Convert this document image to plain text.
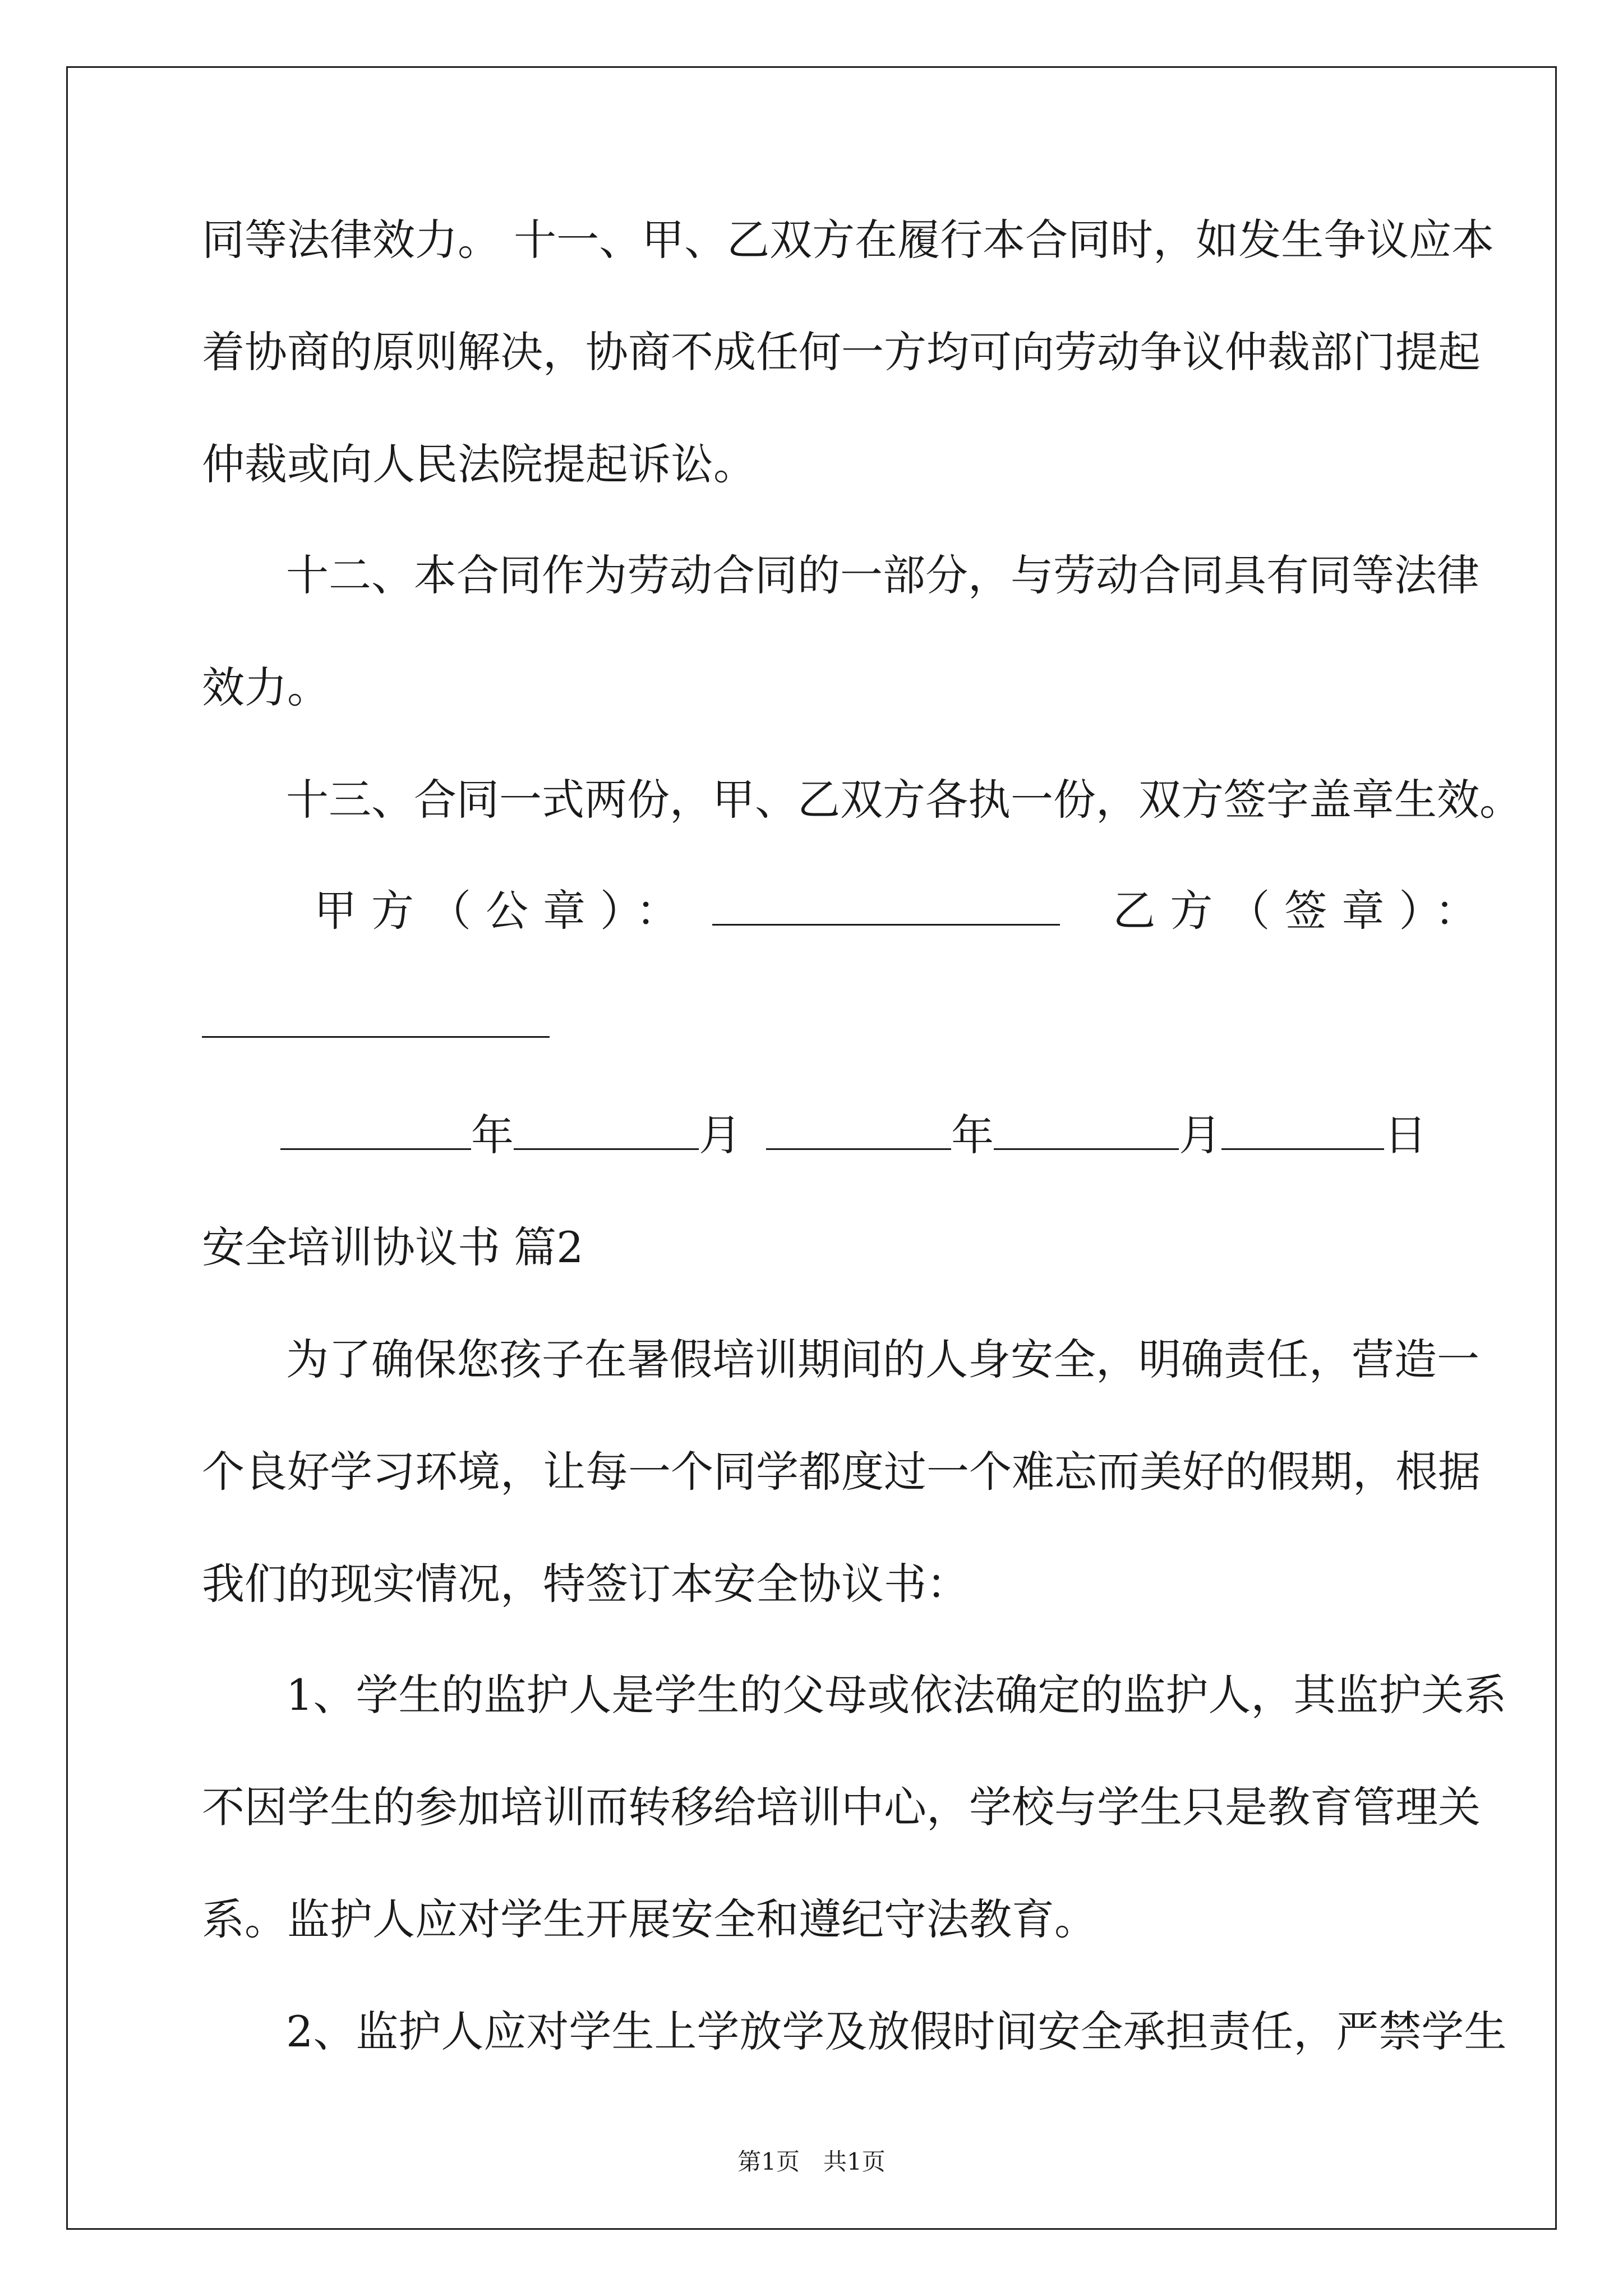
同等法律效力。 十一、甲、乙双方在履行本合同时，如发生争议应本

着协商的原则解决，协商不成任何一方均可向劳动争议仲裁部门提起

仲裁或向人民法院提起诉讼。

十二、本合同作为劳动合同的一部分，与劳动合同具有同等法律

效力。

十三、合同一式两份，甲、乙双方各执一份，双方签字盖章生效。

甲方（公章）：	乙方（签章）：
年	月	年	月	日

安全培训协议书 篇2

为了确保您孩子在暑假培训期间的人身安全，明确责任，营造一

个良好学习环境，让每一个同学都度过一个难忘而美好的假期，根据

我们的现实情况，特签订本安全协议书：

1、学生的监护人是学生的父母或依法确定的监护人，其监护关系

不因学生的参加培训而转移给培训中心，学校与学生只是教育管理关

系。监护人应对学生开展安全和遵纪守法教育。

2、监护人应对学生上学放学及放假时间安全承担责任，严禁学生

第1页　共1页
